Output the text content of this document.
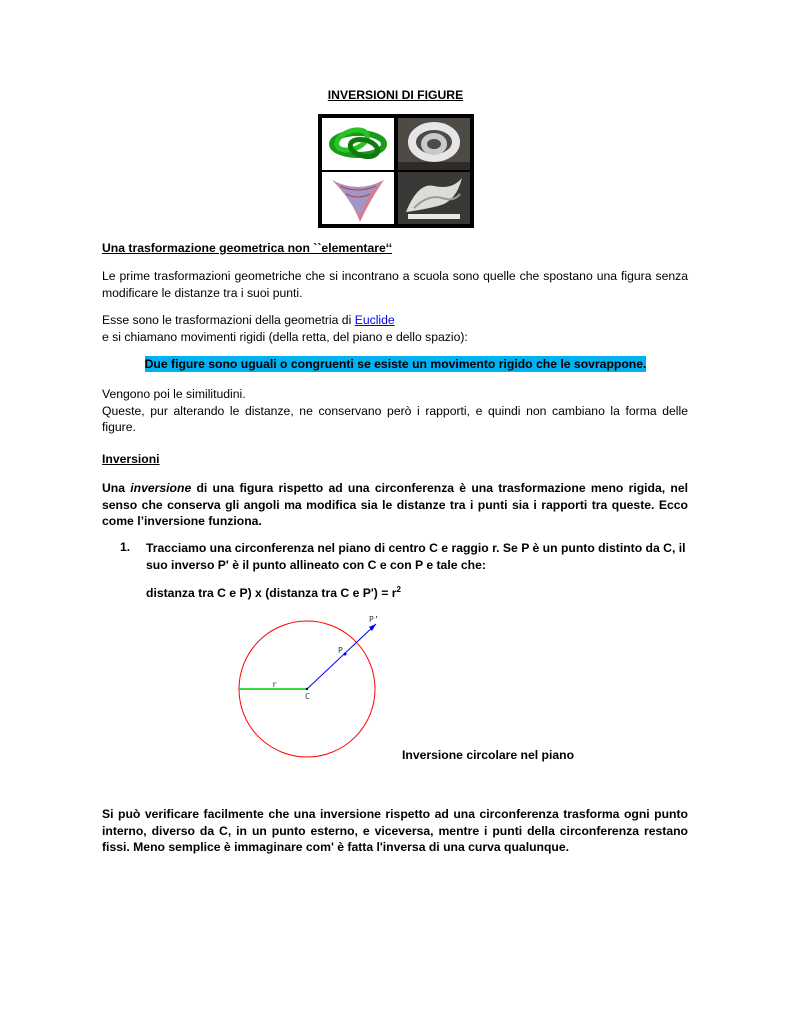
INVERSIONI DI FIGURE
Una trasformazione geometrica non ``elementare‘‘
Le prime trasformazioni geometriche che si incontrano a scuola sono quelle che spostano una figura senza modificare le distanze tra i suoi punti.
Esse sono le trasformazioni della geometria di Euclide
e si chiamano movimenti rigidi (della retta, del piano e dello spazio):
Due figure sono uguali o congruenti se esiste un movimento rigido che le sovrappone.
Vengono poi le similitudini.
Queste, pur alterando le distanze, ne conservano però i rapporti, e quindi non cambiano la forma delle figure.
Inversioni
Una inversione di una figura rispetto ad una circonferenza è una trasformazione meno rigida, nel senso che conserva gli angoli ma modifica sia le distanze tra i punti sia i rapporti tra queste. Ecco come l’inversione funziona.
1. Tracciamo una circonferenza nel piano di centro C e raggio r. Se P è un punto distinto da C, il suo inverso P' è il punto allineato con C e con P e tale che:
distanza tra C e P) x (distanza tra C e $P') = r^2$
P’
P
r
C
Inversione circolare nel piano
Si può verificare facilmente che una inversione rispetto ad una circonferenza trasforma ogni punto interno, diverso da C, in un punto esterno, e viceversa, mentre i punti della circonferenza restano fissi. Meno semplice è immaginare com' è fatta l'inversa di una curva qualunque.
